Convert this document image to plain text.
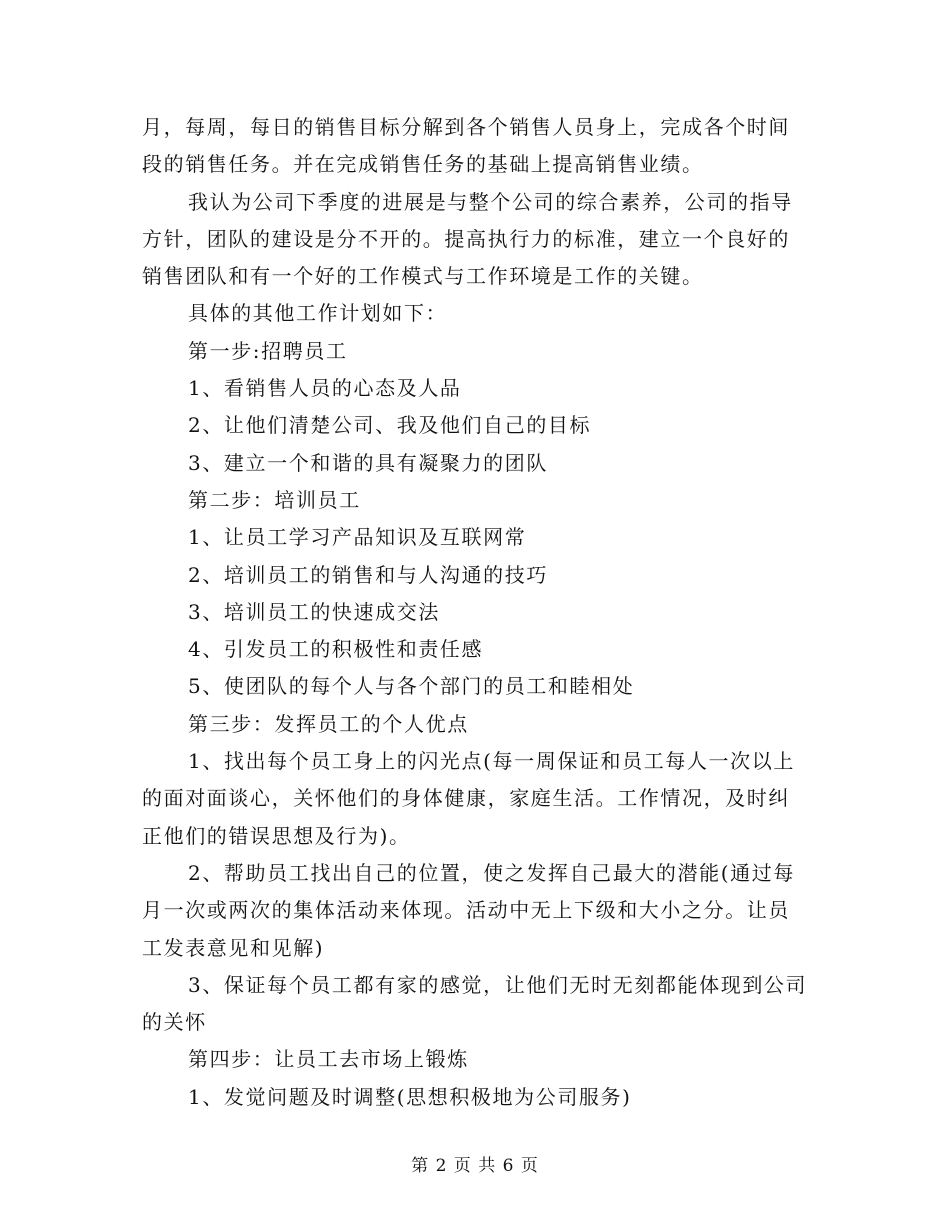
月，每周，每日的销售目标分解到各个销售人员身上，完成各个时间段的销售任务。并在完成销售任务的基础上提高销售业绩。

我认为公司下季度的进展是与整个公司的综合素养，公司的指导方针，团队的建设是分不开的。提高执行力的标准，建立一个良好的销售团队和有一个好的工作模式与工作环境是工作的关键。

具体的其他工作计划如下：

第一步:招聘员工

1、看销售人员的心态及人品

2、让他们清楚公司、我及他们自己的目标

3、建立一个和谐的具有凝聚力的团队

第二步：培训员工

1、让员工学习产品知识及互联网常

2、培训员工的销售和与人沟通的技巧

3、培训员工的快速成交法

4、引发员工的积极性和责任感

5、使团队的每个人与各个部门的员工和睦相处

第三步：发挥员工的个人优点

1、找出每个员工身上的闪光点(每一周保证和员工每人一次以上的面对面谈心，关怀他们的身体健康，家庭生活。工作情况，及时纠正他们的错误思想及行为)。

2、帮助员工找出自己的位置，使之发挥自己最大的潜能(通过每月一次或两次的集体活动来体现。活动中无上下级和大小之分。让员工发表意见和见解)

3、保证每个员工都有家的感觉，让他们无时无刻都能体现到公司的关怀

第四步：让员工去市场上锻炼

1、发觉问题及时调整(思想积极地为公司服务)

第 2 页 共 6 页
